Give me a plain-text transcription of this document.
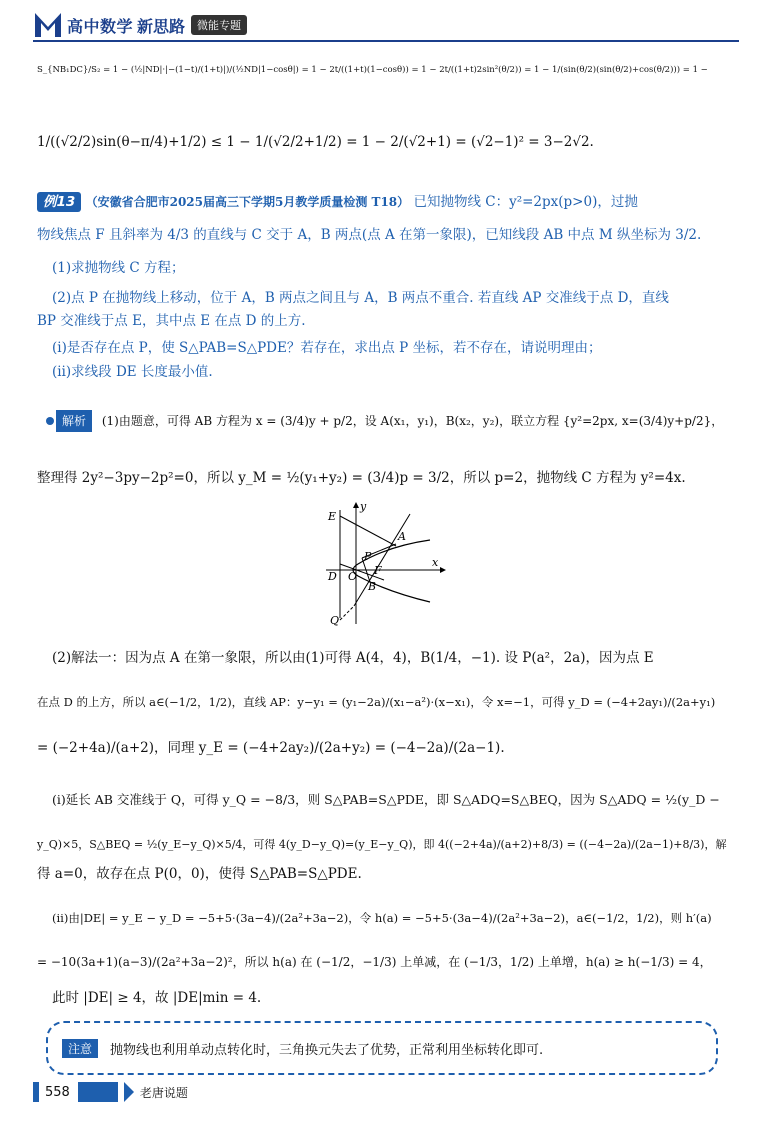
高中数学 新思路	微能专题
S_{NB₁DC}/S₂ = 1 − (½|ND|·|−(1−t)/(1+t)|)/(½ND|1−cosθ|) = 1 − 2t/((1+t)(1−cosθ)) = 1 − 2t/((1+t)2sin²(θ/2)) = 1 − 1/(sin(θ/2)(sin(θ/2)+cos(θ/2))) = 1 −
1/((√2/2)sin(θ−π/4)+1/2) ≤ 1 − 1/(√2/2+1/2) = 1 − 2/(√2+1) = (√2−1)² = 3−2√2.
例13 （安徽省合肥市2025届高三下学期5月教学质量检测 T18） 已知抛物线 C：y²=2px(p>0)，过抛
物线焦点 F 且斜率为 4/3 的直线与 C 交于 A，B 两点(点 A 在第一象限)，已知线段 AB 中点 M 纵坐标为 3/2.
(1)求抛物线 C 方程；
(2)点 P 在抛物线上移动，位于 A，B 两点之间且与 A，B 两点不重合. 若直线 AP 交准线于点 D，直线
BP 交准线于点 E，其中点 E 在点 D 的上方.
(ⅰ)是否存在点 P，使 S△PAB=S△PDE？若存在，求出点 P 坐标，若不存在，请说明理由；
(ⅱ)求线段 DE 长度最小值.
解析	(1)由题意，可得 AB 方程为 x = (3/4)y + p/2，设 A(x₁，y₁)，B(x₂，y₂)，联立方程 {y²=2px, x=(3/4)y+p/2}，
整理得 2y²−3py−2p²=0，所以 y_M = ½(y₁+y₂) = (3/4)p = 3/2，所以 p=2，抛物线 C 方程为 y²=4x.
E
y
A
P
D O F
B
x
Q
(2)解法一：因为点 A 在第一象限，所以由(1)可得 A(4，4)，B(1/4，−1). 设 P(a²，2a)，因为点 E
在点 D 的上方，所以 a∈(−1/2，1/2)，直线 AP：y−y₁ = (y₁−2a)/(x₁−a²)·(x−x₁)，令 x=−1，可得 y_D = (−4+2ay₁)/(2a+y₁)
= (−2+4a)/(a+2)，同理 y_E = (−4+2ay₂)/(2a+y₂) = (−4−2a)/(2a−1).
(ⅰ)延长 AB 交准线于 Q，可得 y_Q = −8/3，则 S△PAB=S△PDE，即 S△ADQ=S△BEQ，因为 S△ADQ = ½(y_D −
y_Q)×5，S△BEQ = ½(y_E−y_Q)×5/4，可得 4(y_D−y_Q)=(y_E−y_Q)，即 4((−2+4a)/(a+2)+8/3) = ((−4−2a)/(2a−1)+8/3)，解
得 a=0，故存在点 P(0，0)，使得 S△PAB=S△PDE.
(ⅱ)由|DE| = y_E − y_D = −5+5·(3a−4)/(2a²+3a−2)，令 h(a) = −5+5·(3a−4)/(2a²+3a−2)，a∈(−1/2，1/2)，则 h′(a)
= −10(3a+1)(a−3)/(2a²+3a−2)²，所以 h(a) 在 (−1/2，−1/3) 上单减，在 (−1/3，1/2) 上单增，h(a) ≥ h(−1/3) = 4，
此时 |DE| ≥ 4，故 |DE|min = 4.
注意	抛物线也利用单动点转化时，三角换元失去了优势，正常利用坐标转化即可.
558	老唐说题
